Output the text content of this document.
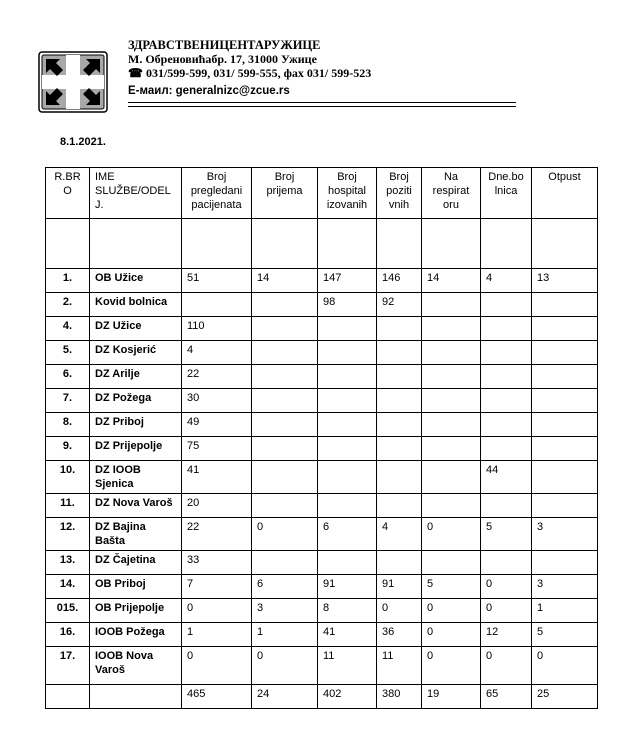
ЗДРАВСТВЕНИЦЕНТАРУЖИЦЕ
М. Обреновићабр. 17, 31000 Ужице
☎ 031/599-599, 031/ 599-555, фах 031/ 599-523
Е-маил: generalnizc@zcue.rs
8.1.2021.
R.BR O	IME SLUŽBE/ODEL J.	Broj pregledani pacijenata	Broj prijema	Broj hospital izovanih	Broj poziti vnih	Na respirat oru	Dne.bo lnica	Otpust

1.	OB Užice	51	14	147	146	14	4	13
2.	Kovid bolnica			98	92			
4.	DZ Užice	110						
5.	DZ Kosjerić	4						
6.	DZ Arilje	22						
7.	DZ Požega	30						
8.	DZ Priboj	49						
9.	DZ Prijepolje	75						
10.	DZ IOOB Sjenica	41					44	
11.	DZ Nova Varoš	20						
12.	DZ Bajina Bašta	22	0	6	4	0	5	3
13.	DZ Čajetina	33						
14.	OB Priboj	7	6	91	91	5	0	3
015.	OB Prijepolje	0	3	8	0	0	0	1
16.	IOOB Požega	1	1	41	36	0	12	5
17.	IOOB Nova Varoš	0	0	11	11	0	0	0
		465	24	402	380	19	65	25
